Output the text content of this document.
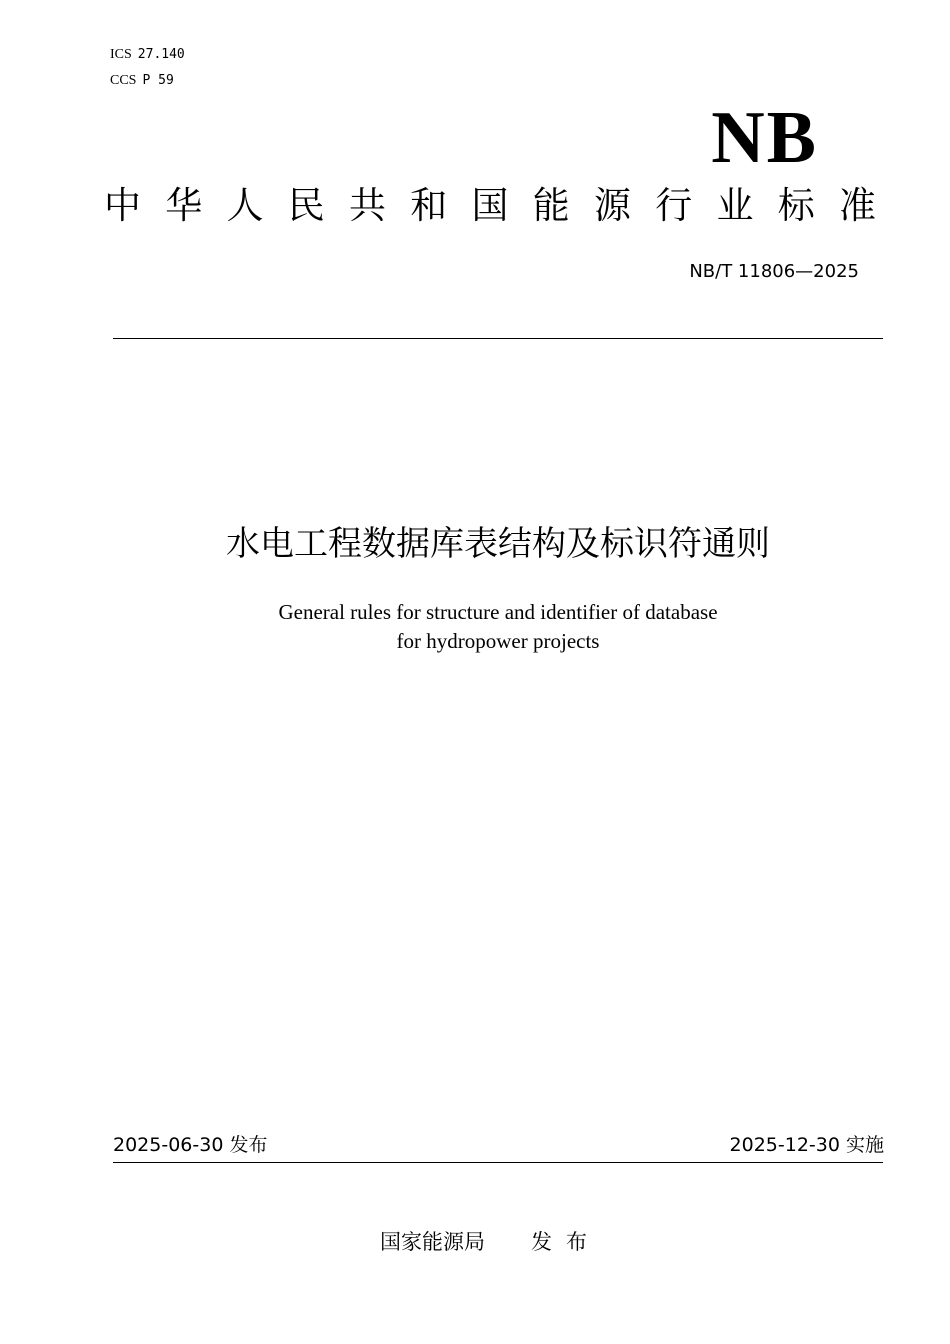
ICS 27.140
CCS P 59
NB
中 华 人 民 共 和 国 能 源 行 业 标 准
NB/T 11806—2025
水电工程数据库表结构及标识符通则
General rules for structure and identifier of database
for hydropower projects
2025-06-30 发布	2025-12-30 实施
国家能源局 发 布
